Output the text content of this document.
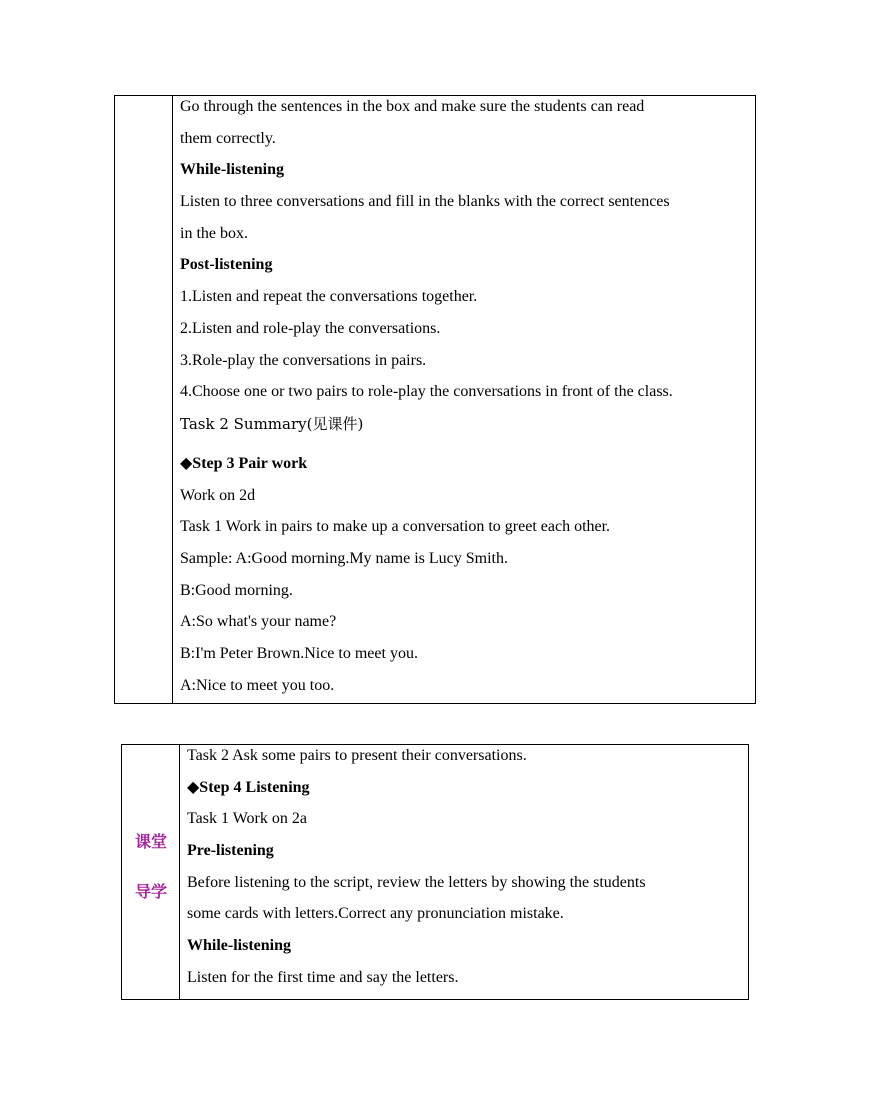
Go through the sentences in the box and make sure the students can read
them correctly.
While-listening
Listen to three conversations and fill in the blanks with the correct sentences
in the box.
Post-listening
1.Listen and repeat the conversations together.
2.Listen and role-play the conversations.
3.Role-play the conversations in pairs.
4.Choose one or two pairs to role-play the conversations in front of the class.
Task 2 Summary(见课件)
◆Step 3 Pair work
Work on 2d
Task 1 Work in pairs to make up a conversation to greet each other.
Sample: A:Good morning.My name is Lucy Smith.
B:Good morning.
A:So what's your name?
B:I'm Peter Brown.Nice to meet you.
A:Nice to meet you too.
课堂
导学
Task 2 Ask some pairs to present their conversations.
◆Step 4 Listening
Task 1 Work on 2a
Pre-listening
Before listening to the script, review the letters by showing the students
some cards with letters.Correct any pronunciation mistake.
While-listening
Listen for the first time and say the letters.
